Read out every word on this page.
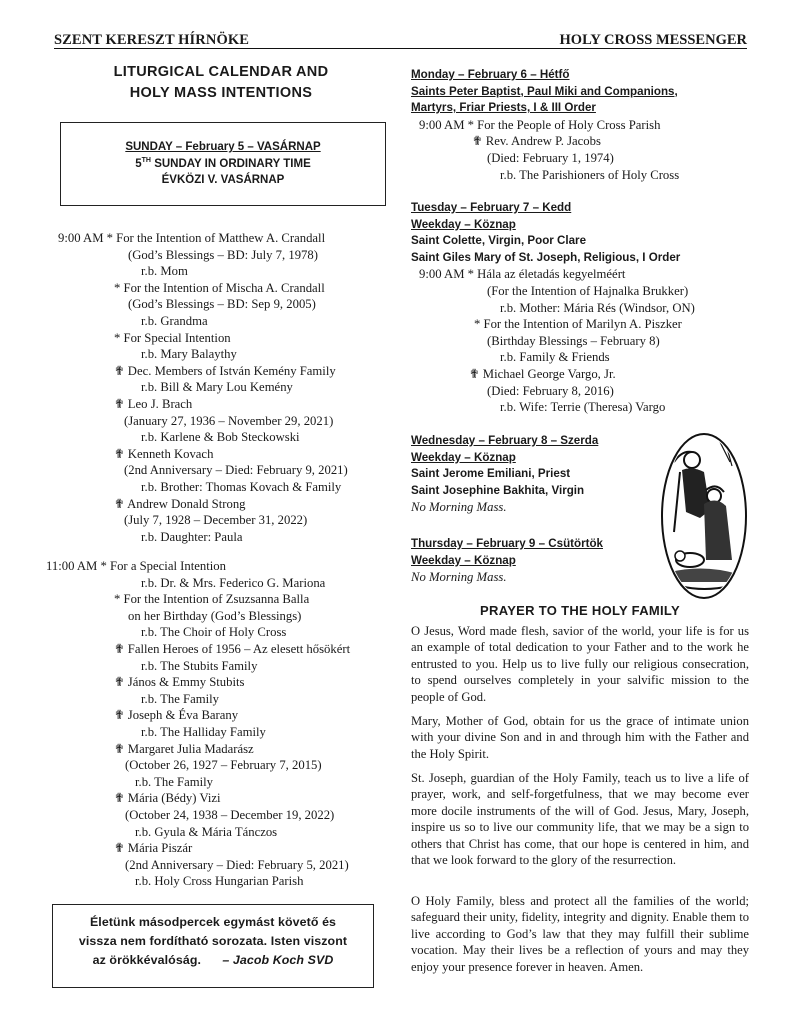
SZENT KERESZT HÍRNÖKE	HOLY CROSS MESSENGER
LITURGICAL CALENDAR AND
HOLY MASS INTENTIONS
SUNDAY – February 5 – VASÁRNAP
5TH SUNDAY IN ORDINARY TIME
ÉVKÖZI V. VASÁRNAP
9:00 AM * For the Intention of Matthew A. Crandall
(God’s Blessings – BD: July 7, 1978)
r.b. Mom
* For the Intention of Mischa A. Crandall
(God’s Blessings – BD: Sep 9, 2005)
r.b. Grandma
* For Special Intention
r.b. Mary Balaythy
✟ Dec. Members of István Kemény Family
r.b. Bill & Mary Lou Kemény
✟ Leo J. Brach
(January 27, 1936 – November 29, 2021)
r.b. Karlene & Bob Steckowski
✟ Kenneth Kovach
(2nd Anniversary – Died: February 9, 2021)
r.b. Brother: Thomas Kovach & Family
✟ Andrew Donald Strong
(July 7, 1928 – December 31, 2022)
r.b. Daughter: Paula
11:00 AM * For a Special Intention
r.b. Dr. & Mrs. Federico G. Mariona
* For the Intention of Zsuzsanna Balla
on her Birthday (God’s Blessings)
r.b. The Choir of Holy Cross
✟ Fallen Heroes of 1956 – Az elesett hősökért
r.b. The Stubits Family
✟ János & Emmy Stubits
r.b. The Family
✟ Joseph & Éva Barany
r.b. The Halliday Family
✟ Margaret Julia Madarász
(October 26, 1927 – February 7, 2015)
r.b. The Family
✟ Mária (Bédy) Vizi
(October 24, 1938 – December 19, 2022)
r.b. Gyula & Mária Tánczos
✟ Mária Piszár
(2nd Anniversary – Died: February 5, 2021)
r.b. Holy Cross Hungarian Parish
Életünk másodpercek egymást követő és
vissza nem fordítható sorozata. Isten viszont
az örökkévalóság. – Jacob Koch SVD
Monday – February 6 – Hétfő
Saints Peter Baptist, Paul Miki and Companions,
Martyrs, Friar Priests, I & III Order
9:00 AM * For the People of Holy Cross Parish
✟ Rev. Andrew P. Jacobs
(Died: February 1, 1974)
r.b. The Parishioners of Holy Cross
Tuesday – February 7 – Kedd
Weekday – Köznap
Saint Colette, Virgin, Poor Clare
Saint Giles Mary of St. Joseph, Religious, I Order
9:00 AM * Hála az életadás kegyelméért
(For the Intention of Hajnalka Brukker)
r.b. Mother: Mária Rés (Windsor, ON)
* For the Intention of Marilyn A. Piszker
(Birthday Blessings – February 8)
r.b. Family & Friends
✟ Michael George Vargo, Jr.
(Died: February 8, 2016)
r.b. Wife: Terrie (Theresa) Vargo
Wednesday – February 8 – Szerda
Weekday – Köznap
Saint Jerome Emiliani, Priest
Saint Josephine Bakhita, Virgin
No Morning Mass.
Thursday – February 9 – Csütörtök
Weekday – Köznap
No Morning Mass.
PRAYER TO THE HOLY FAMILY
O Jesus, Word made flesh, savior of the world, your life is for us an example of total dedication to your Father and to the work he entrusted to you. Help us to live fully our religious consecration, to spend ourselves completely in your salvific mission to the people of God.
Mary, Mother of God, obtain for us the grace of intimate union with your divine Son and in and through him with the Father and the Holy Spirit.
St. Joseph, guardian of the Holy Family, teach us to live a life of prayer, work, and self-forgetfulness, that we may become ever more docile instruments of the will of God. Jesus, Mary, Joseph, inspire us so to live our community life, that we may be a sign to others that Christ has come, that our hope is centered in him, and that we look forward to the glory of the resurrection.
O Holy Family, bless and protect all the families of the world; safeguard their unity, fidelity, integrity and dignity. Enable them to live according to God’s law that they may fulfill their sublime vocation. May their lives be a reflection of yours and may they enjoy your presence forever in heaven. Amen.
